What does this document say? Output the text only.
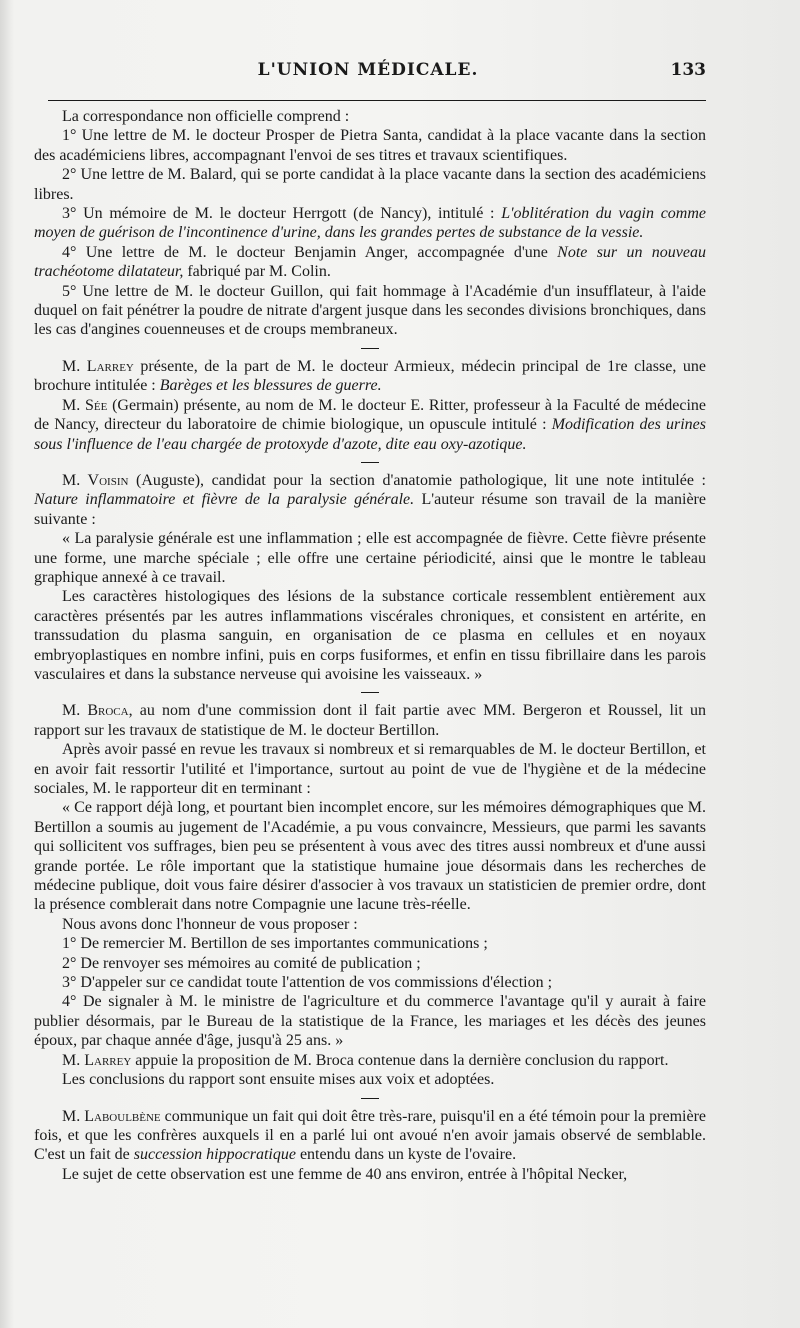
L'UNION MÉDICALE.	133

La correspondance non officielle comprend :

1° Une lettre de M. le docteur Prosper de Pietra Santa, candidat à la place vacante dans la section des académiciens libres, accompagnant l'envoi de ses titres et travaux scientifiques.

2° Une lettre de M. Balard, qui se porte candidat à la place vacante dans la section des académiciens libres.

3° Un mémoire de M. le docteur Herrgott (de Nancy), intitulé : L'oblitération du vagin comme moyen de guérison de l'incontinence d'urine, dans les grandes pertes de substance de la vessie.

4° Une lettre de M. le docteur Benjamin Anger, accompagnée d'une Note sur un nouveau trachéotome dilatateur, fabriqué par M. Colin.

5° Une lettre de M. le docteur Guillon, qui fait hommage à l'Académie d'un insufflateur, à l'aide duquel on fait pénétrer la poudre de nitrate d'argent jusque dans les secondes divisions bronchiques, dans les cas d'angines couenneuses et de croups membraneux.

M. Larrey présente, de la part de M. le docteur Armieux, médecin principal de 1re classe, une brochure intitulée : Barèges et les blessures de guerre.

M. Sée (Germain) présente, au nom de M. le docteur E. Ritter, professeur à la Faculté de médecine de Nancy, directeur du laboratoire de chimie biologique, un opuscule intitulé : Modification des urines sous l'influence de l'eau chargée de protoxyde d'azote, dite eau oxy-azotique.

M. Voisin (Auguste), candidat pour la section d'anatomie pathologique, lit une note intitulée : Nature inflammatoire et fièvre de la paralysie générale. L'auteur résume son travail de la manière suivante :

« La paralysie générale est une inflammation ; elle est accompagnée de fièvre. Cette fièvre présente une forme, une marche spéciale ; elle offre une certaine périodicité, ainsi que le montre le tableau graphique annexé à ce travail.

Les caractères histologiques des lésions de la substance corticale ressemblent entièrement aux caractères présentés par les autres inflammations viscérales chroniques, et consistent en artérite, en transsudation du plasma sanguin, en organisation de ce plasma en cellules et en noyaux embryoplastiques en nombre infini, puis en corps fusiformes, et enfin en tissu fibrillaire dans les parois vasculaires et dans la substance nerveuse qui avoisine les vaisseaux. »

M. Broca, au nom d'une commission dont il fait partie avec MM. Bergeron et Roussel, lit un rapport sur les travaux de statistique de M. le docteur Bertillon.

Après avoir passé en revue les travaux si nombreux et si remarquables de M. le docteur Bertillon, et en avoir fait ressortir l'utilité et l'importance, surtout au point de vue de l'hygiène et de la médecine sociales, M. le rapporteur dit en terminant :

« Ce rapport déjà long, et pourtant bien incomplet encore, sur les mémoires démographiques que M. Bertillon a soumis au jugement de l'Académie, a pu vous convaincre, Messieurs, que parmi les savants qui sollicitent vos suffrages, bien peu se présentent à vous avec des titres aussi nombreux et d'une aussi grande portée. Le rôle important que la statistique humaine joue désormais dans les recherches de médecine publique, doit vous faire désirer d'associer à vos travaux un statisticien de premier ordre, dont la présence comblerait dans notre Compagnie une lacune très-réelle.

Nous avons donc l'honneur de vous proposer :

1° De remercier M. Bertillon de ses importantes communications ;

2° De renvoyer ses mémoires au comité de publication ;

3° D'appeler sur ce candidat toute l'attention de vos commissions d'élection ;

4° De signaler à M. le ministre de l'agriculture et du commerce l'avantage qu'il y aurait à faire publier désormais, par le Bureau de la statistique de la France, les mariages et les décès des jeunes époux, par chaque année d'âge, jusqu'à 25 ans. »

M. Larrey appuie la proposition de M. Broca contenue dans la dernière conclusion du rapport.

Les conclusions du rapport sont ensuite mises aux voix et adoptées.

M. Laboulbène communique un fait qui doit être très-rare, puisqu'il en a été témoin pour la première fois, et que les confrères auxquels il en a parlé lui ont avoué n'en avoir jamais observé de semblable. C'est un fait de succession hippocratique entendu dans un kyste de l'ovaire.

Le sujet de cette observation est une femme de 40 ans environ, entrée à l'hôpital Necker,
